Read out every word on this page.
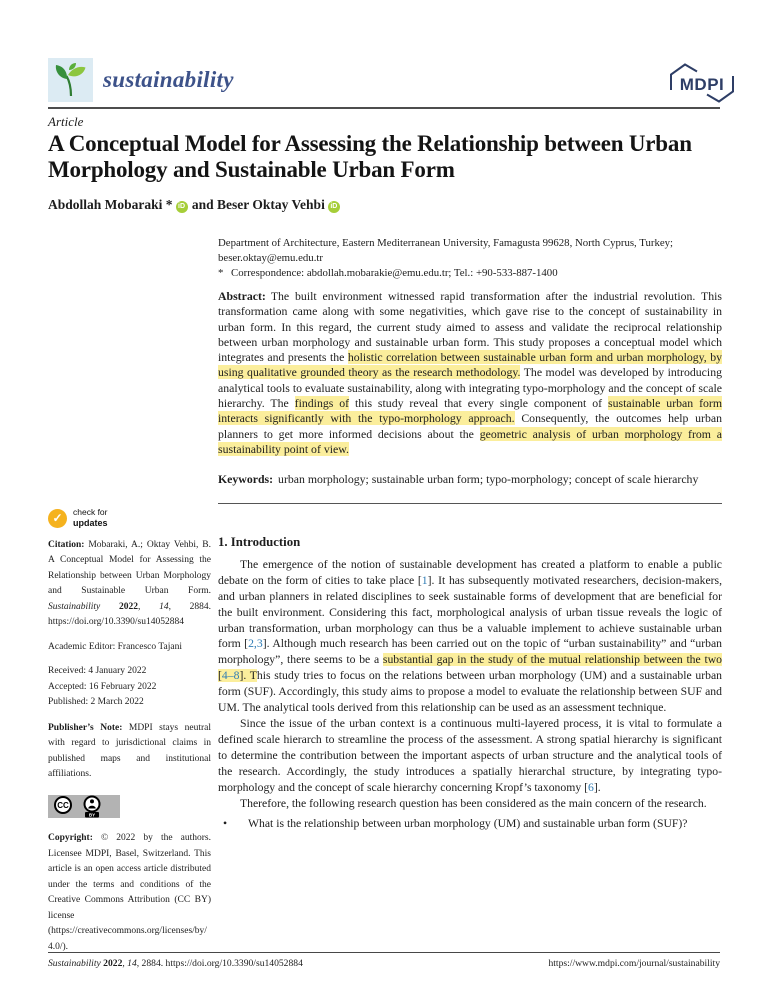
sustainability	MDPI
Article
A Conceptual Model for Assessing the Relationship between Urban Morphology and Sustainable Urban Form
Abdollah Mobaraki * iD and Beser Oktay Vehbi iD
Department of Architecture, Eastern Mediterranean University, Famagusta 99628, North Cyprus, Turkey;
beser.oktay@emu.edu.tr
* Correspondence: abdollah.mobarakie@emu.edu.tr; Tel.: +90-533-887-1400
Abstract: The built environment witnessed rapid transformation after the industrial revolution. This transformation came along with some negativities, which gave rise to the concept of sustainability in urban form. In this regard, the current study aimed to assess and validate the reciprocal relationship between urban morphology and sustainable urban form. This study proposes a conceptual model which integrates and presents the holistic correlation between sustainable urban form and urban morphology, by using qualitative grounded theory as the research methodology. The model was developed by introducing analytical tools to evaluate sustainability, along with integrating typo-morphology and the concept of scale hierarchy. The findings of this study reveal that every single component of sustainable urban form interacts significantly with the typo-morphology approach. Consequently, the outcomes help urban planners to get more informed decisions about the geometric analysis of urban morphology from a sustainability point of view.
Keywords: urban morphology; sustainable urban form; typo-morphology; concept of scale hierarchy
✓	check for
updates
Citation: Mobaraki, A.; Oktay Vehbi, B. A Conceptual Model for Assessing the Relationship between Urban Morphology and Sustainable Urban Form. Sustainability 2022, 14, 2884. https://doi.org/10.3390/su14052884
Academic Editor: Francesco Tajani
Received: 4 January 2022
Accepted: 16 February 2022
Published: 2 March 2022
Publisher’s Note: MDPI stays neutral with regard to jurisdictional claims in published maps and institutional affiliations.
CC
BY
Copyright: © 2022 by the authors. Licensee MDPI, Basel, Switzerland. This article is an open access article distributed under the terms and conditions of the Creative Commons Attribution (CC BY) license (https://creativecommons.org/licenses/by/4.0/).
1. Introduction

The emergence of the notion of sustainable development has created a platform to enable a public debate on the form of cities to take place [1]. It has subsequently motivated researchers, decision-makers, and urban planners in related disciplines to seek sustainable forms of development that are beneficial for the built environment. Considering this fact, morphological analysis of urban tissue reveals the logic of urban transformation, urban morphology can thus be a valuable implement to achieve sustainable urban form [2,3]. Although much research has been carried out on the topic of “urban sustainability” and “urban morphology”, there seems to be a substantial gap in the study of the mutual relationship between the two [4–8]. This study tries to focus on the relations between urban morphology (UM) and a sustainable urban form (SUF). Accordingly, this study aims to propose a model to evaluate the relationship between SUF and UM. The analytical tools derived from this relationship can be used as an assessment technique.

Since the issue of the urban context is a continuous multi-layered process, it is vital to formulate a defined scale hierarch to streamline the process of the assessment. A strong spatial hierarchy is significant to determine the contribution between the important aspects of urban structure and the analytical tools of the research. Accordingly, the study introduces a spatially hierarchal structure, by integrating typo-morphology and the concept of scale hierarchy concerning Kropf’s taxonomy [6].

Therefore, the following research question has been considered as the main concern of the research.

•	What is the relationship between urban morphology (UM) and sustainable urban form (SUF)?
Sustainability 2022, 14, 2884. https://doi.org/10.3390/su14052884	https://www.mdpi.com/journal/sustainability
